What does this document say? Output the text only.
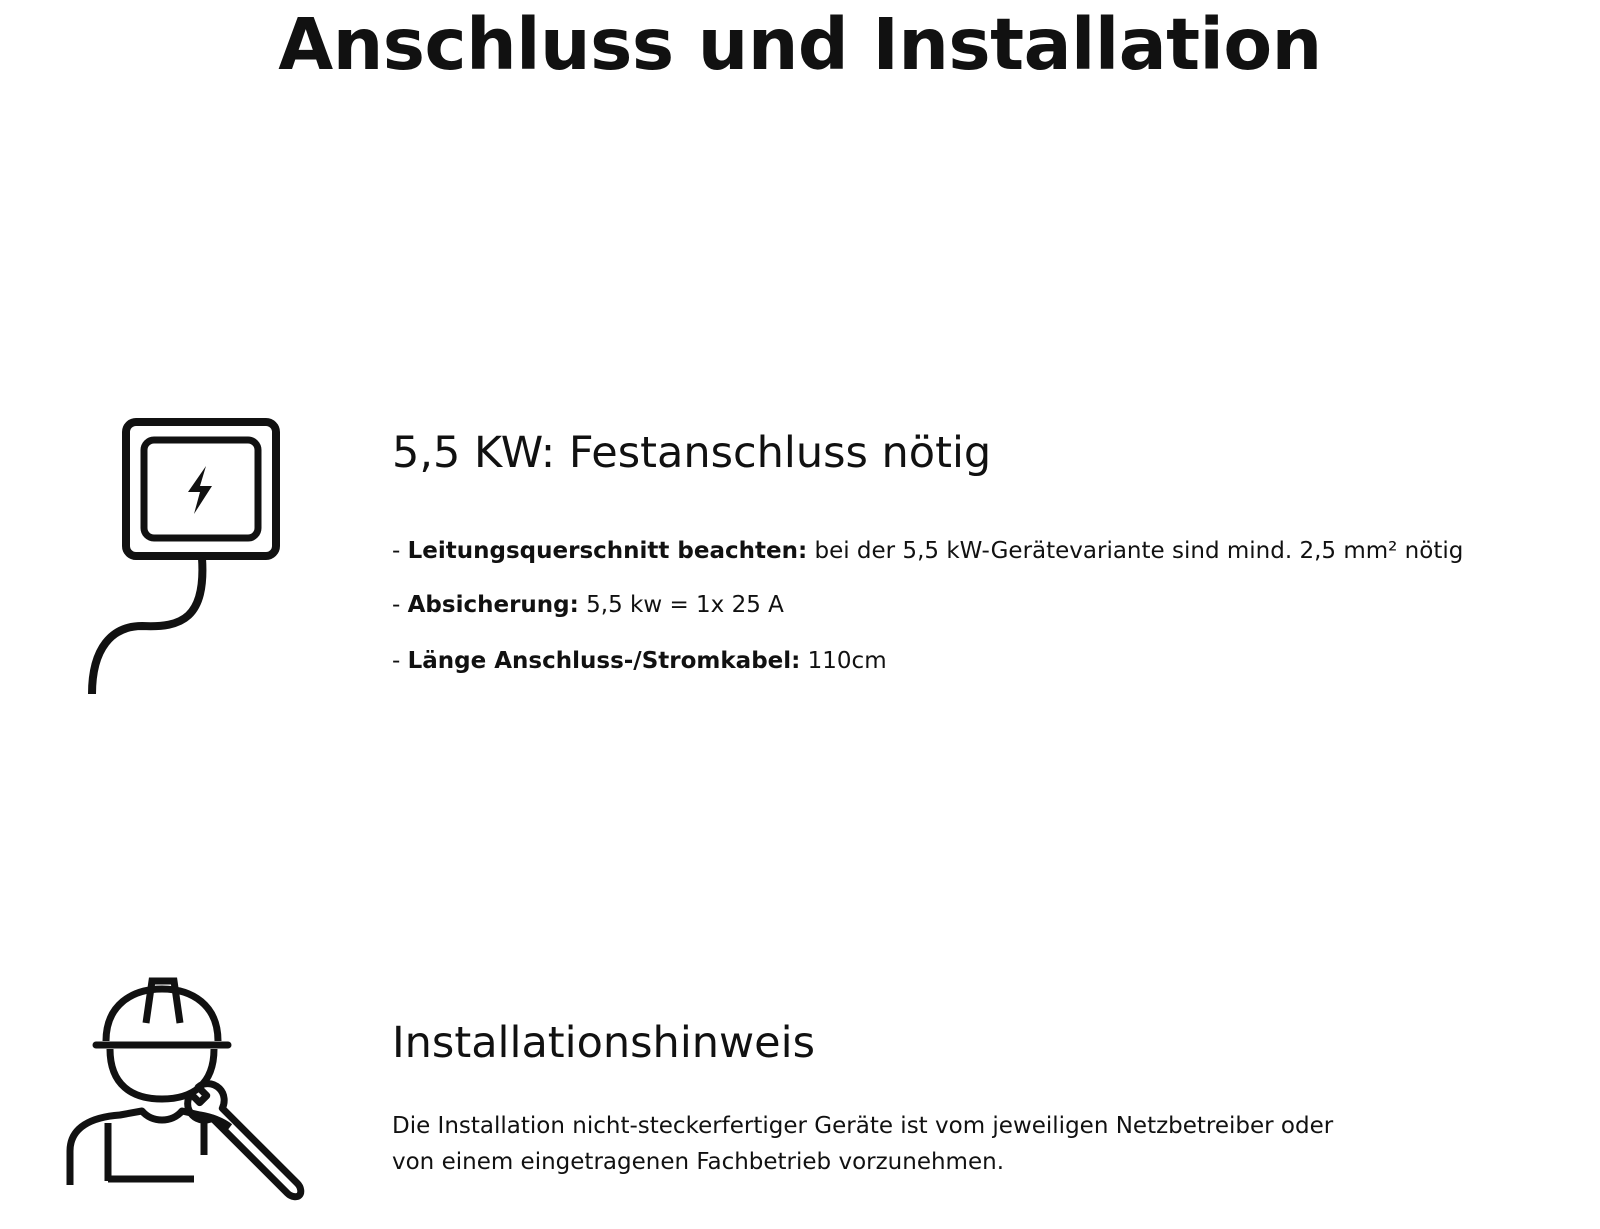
Anschluss und Installation
5,5 KW: Festanschluss nötig
- Leitungsquerschnitt beachten: bei der 5,5 kW-Gerätevariante sind mind. 2,5 mm² nötig
- Absicherung: 5,5 kw = 1x 25 A
- Länge Anschluss-/Stromkabel: 110cm
Installationshinweis

Die Installation nicht-steckerfertiger Geräte ist vom jeweiligen Netzbetreiber oder
von einem eingetragenen Fachbetrieb vorzunehmen.
